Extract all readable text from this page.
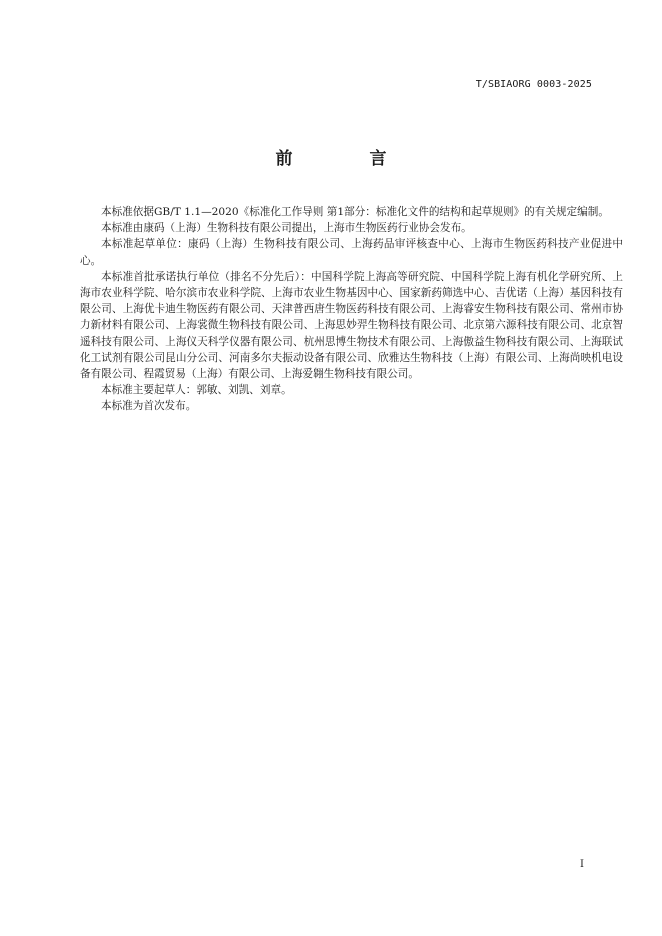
T/SBIAORG 0003-2025
前　言

本标准依据GB/T 1.1—2020《标准化工作导则 第1部分：标准化文件的结构和起草规则》的有关规定编制。

本标准由康码（上海）生物科技有限公司提出，上海市生物医药行业协会发布。

本标准起草单位：康码（上海）生物科技有限公司、上海药品审评核查中心、上海市生物医药科技产业促进中心。

本标准首批承诺执行单位（排名不分先后）：中国科学院上海高等研究院、中国科学院上海有机化学研究所、上海市农业科学院、哈尔滨市农业科学院、上海市农业生物基因中心、国家新药筛选中心、吉优诺（上海）基因科技有限公司、上海优卡迪生物医药有限公司、天津普西唐生物医药科技有限公司、上海睿安生物科技有限公司、常州市协力新材料有限公司、上海裳微生物科技有限公司、上海思妙羿生物科技有限公司、北京第六源科技有限公司、北京智遥科技有限公司、上海仪天科学仪器有限公司、杭州思博生物技术有限公司、上海傲益生物科技有限公司、上海联试化工试剂有限公司昆山分公司、河南多尔夫振动设备有限公司、欣雅达生物科技（上海）有限公司、上海尚映机电设备有限公司、程霞贸易（上海）有限公司、上海爱翱生物科技有限公司。

本标准主要起草人：郭敏、刘凯、刘章。

本标准为首次发布。

I
